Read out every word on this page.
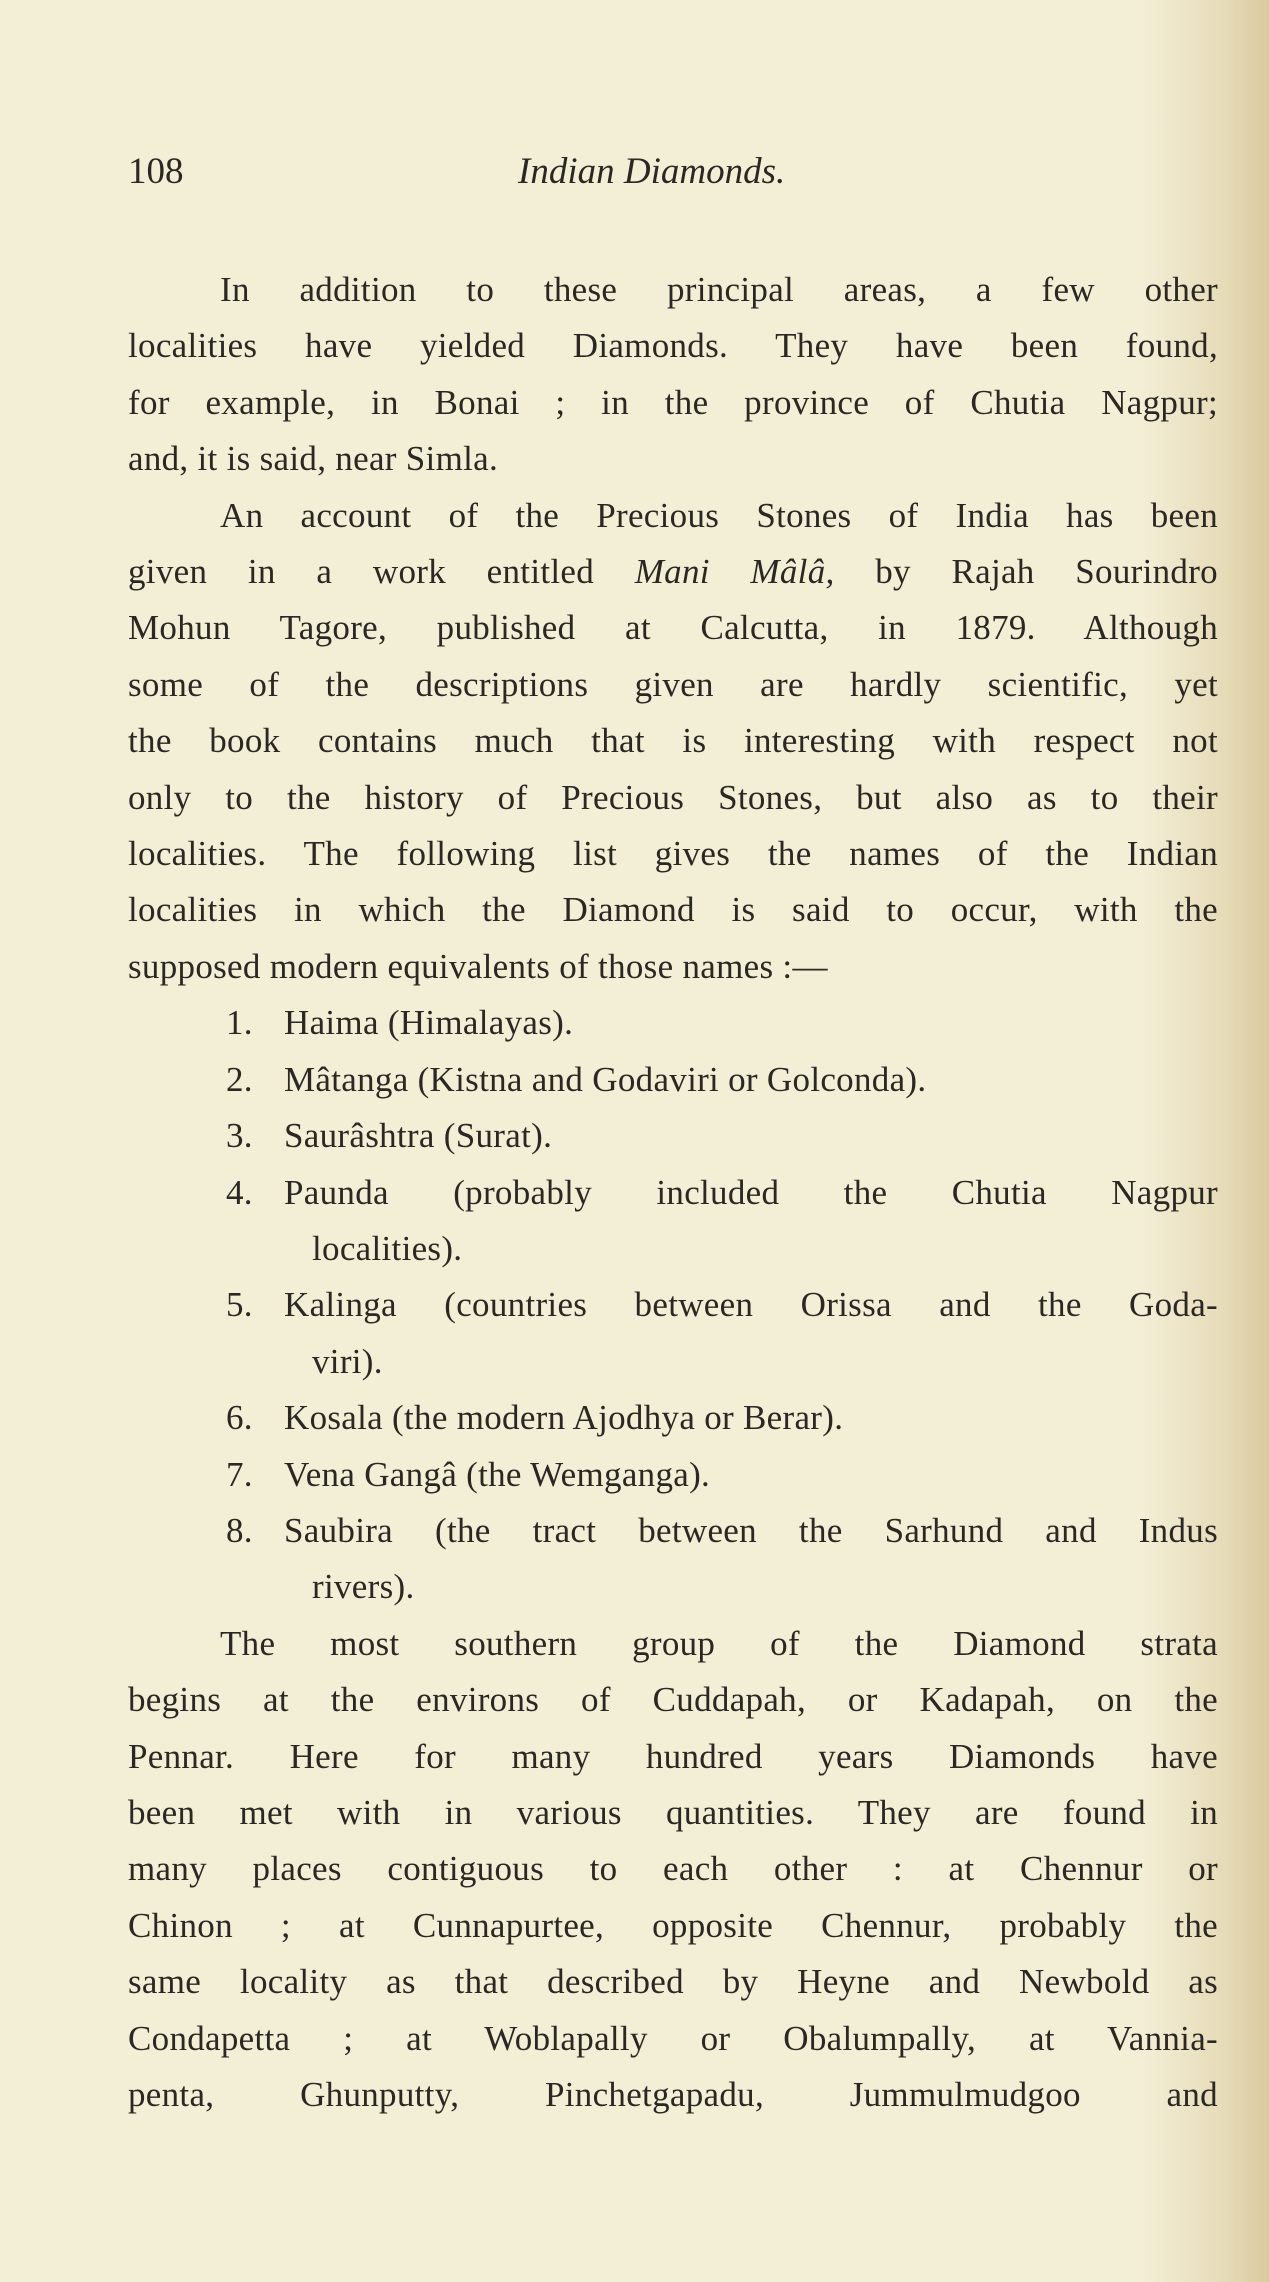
108	Indian Diamonds.
In addition to these principal areas, a few other
localities have yielded Diamonds. They have been found,
for example, in Bonai ; in the province of Chutia Nagpur;
and, it is said, near Simla.
An account of the Precious Stones of India has been
given in a work entitled Mani Mâlâ, by Rajah Sourindro
Mohun Tagore, published at Calcutta, in 1879. Although
some of the descriptions given are hardly scientific, yet
the book contains much that is interesting with respect not
only to the history of Precious Stones, but also as to their
localities. The following list gives the names of the Indian
localities in which the Diamond is said to occur, with the
supposed modern equivalents of those names :—
1. Haima (Himalayas).
2. Mâtanga (Kistna and Godaviri or Golconda).
3. Saurâshtra (Surat).
4. Paunda (probably included the Chutia Nagpur
localities).
5. Kalinga (countries between Orissa and the Goda-
viri).
6. Kosala (the modern Ajodhya or Berar).
7. Vena Gangâ (the Wemganga).
8. Saubira (the tract between the Sarhund and Indus
rivers).
The most southern group of the Diamond strata
begins at the environs of Cuddapah, or Kadapah, on the
Pennar. Here for many hundred years Diamonds have
been met with in various quantities. They are found in
many places contiguous to each other : at Chennur or
Chinon ; at Cunnapurtee, opposite Chennur, probably the
same locality as that described by Heyne and Newbold as
Condapetta ; at Woblapally or Obalumpally, at Vannia-
penta, Ghunputty, Pinchetgapadu, Jummulmudgoo and
